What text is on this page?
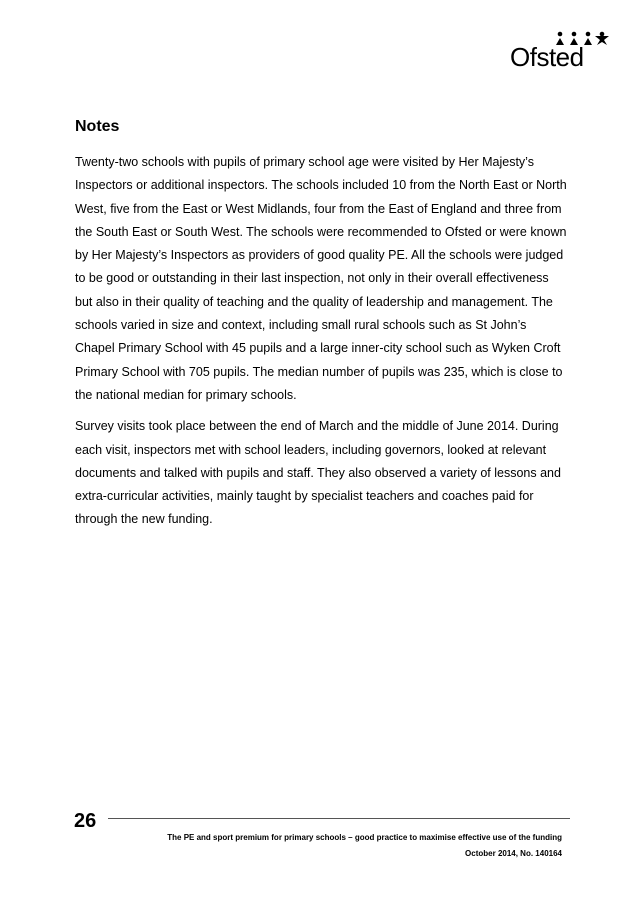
Ofsted
Notes

Twenty-two schools with pupils of primary school age were visited by Her Majesty’s Inspectors or additional inspectors. The schools included 10 from the North East or North West, five from the East or West Midlands, four from the East of England and three from the South East or South West. The schools were recommended to Ofsted or were known by Her Majesty’s Inspectors as providers of good quality PE. All the schools were judged to be good or outstanding in their last inspection, not only in their overall effectiveness but also in their quality of teaching and the quality of leadership and management. The schools varied in size and context, including small rural schools such as St John’s Chapel Primary School with 45 pupils and a large inner-city school such as Wyken Croft Primary School with 705 pupils. The median number of pupils was 235, which is close to the national median for primary schools.

Survey visits took place between the end of March and the middle of June 2014. During each visit, inspectors met with school leaders, including governors, looked at relevant documents and talked with pupils and staff. They also observed a variety of lessons and extra-curricular activities, mainly taught by specialist teachers and coaches paid for through the new funding.

26
The PE and sport premium for primary schools – good practice to maximise effective use of the funding
October 2014, No. 140164
